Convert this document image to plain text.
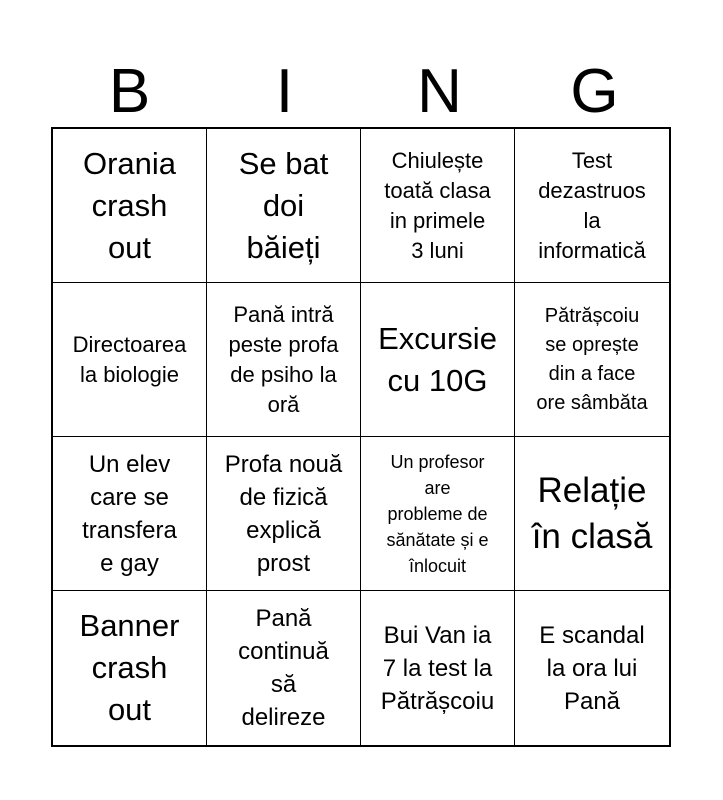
B	I	N	G
Orania
crash
out
Se bat
doi
băieți
Chiulește
toată clasa
in primele
3 luni
Test
dezastruos
la
informatică
Directoarea
la biologie
Pană intră
peste profa
de psiho la
oră
Excursie
cu 10G
Pătrășcoiu
se oprește
din a face
ore sâmbăta
Un elev
care se
transfera
e gay
Profa nouă
de fizică
explică
prost
Un profesor
are
probleme de
sănătate și e
înlocuit
Relație
în clasă
Banner
crash
out
Pană
continuă
să
delireze
Bui Van ia
7 la test la
Pătrășcoiu
E scandal
la ora lui
Pană
